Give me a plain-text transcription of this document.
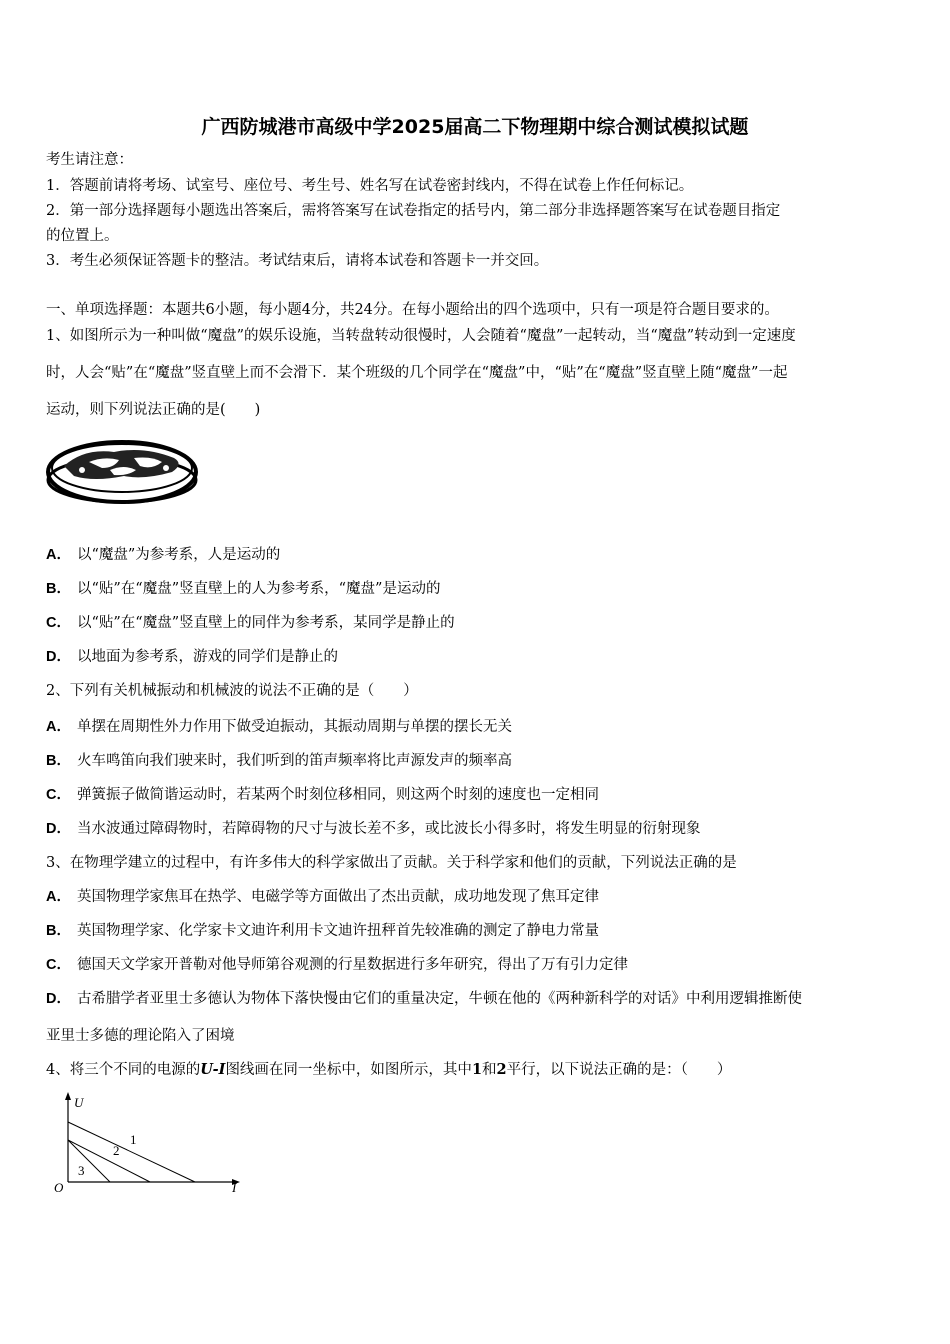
广西防城港市高级中学2025届高二下物理期中综合测试模拟试题
考生请注意：
1．答题前请将考场、试室号、座位号、考生号、姓名写在试卷密封线内，不得在试卷上作任何标记。
2．第一部分选择题每小题选出答案后，需将答案写在试卷指定的括号内，第二部分非选择题答案写在试卷题目指定
的位置上。
3．考生必须保证答题卡的整洁。考试结束后，请将本试卷和答题卡一并交回。
一、单项选择题：本题共6小题，每小题4分，共24分。在每小题给出的四个选项中，只有一项是符合题目要求的。
1、如图所示为一种叫做“魔盘”的娱乐设施，当转盘转动很慢时，人会随着“魔盘”一起转动，当“魔盘”转动到一定速度
时，人会“贴”在“魔盘”竖直壁上而不会滑下．某个班级的几个同学在“魔盘”中，“贴”在“魔盘”竖直壁上随“魔盘”一起
运动，则下列说法正确的是(　　)
A． 以“魔盘”为参考系，人是运动的
B． 以“贴”在“魔盘”竖直壁上的人为参考系，“魔盘”是运动的
C． 以“贴”在“魔盘”竖直壁上的同伴为参考系，某同学是静止的
D． 以地面为参考系，游戏的同学们是静止的
2、下列有关机械振动和机械波的说法不正确的是（　　）
A． 单摆在周期性外力作用下做受迫振动，其振动周期与单摆的摆长无关
B． 火车鸣笛向我们驶来时，我们听到的笛声频率将比声源发声的频率高
C． 弹簧振子做简谐运动时，若某两个时刻位移相同，则这两个时刻的速度也一定相同
D． 当水波通过障碍物时，若障碍物的尺寸与波长差不多，或比波长小得多时，将发生明显的衍射现象
3、在物理学建立的过程中，有许多伟大的科学家做出了贡献。关于科学家和他们的贡献，下列说法正确的是
A． 英国物理学家焦耳在热学、电磁学等方面做出了杰出贡献，成功地发现了焦耳定律
B． 英国物理学家、化学家卡文迪许利用卡文迪许扭秤首先较准确的测定了静电力常量
C． 德国天文学家开普勒对他导师第谷观测的行星数据进行多年研究，得出了万有引力定律
D． 古希腊学者亚里士多德认为物体下落快慢由它们的重量决定，牛顿在他的《两种新科学的对话》中利用逻辑推断使
亚里士多德的理论陷入了困境
4、将三个不同的电源的U-I图线画在同一坐标中，如图所示，其中1和2平行，以下说法正确的是：（　　）
U
I
O
1
2
3
